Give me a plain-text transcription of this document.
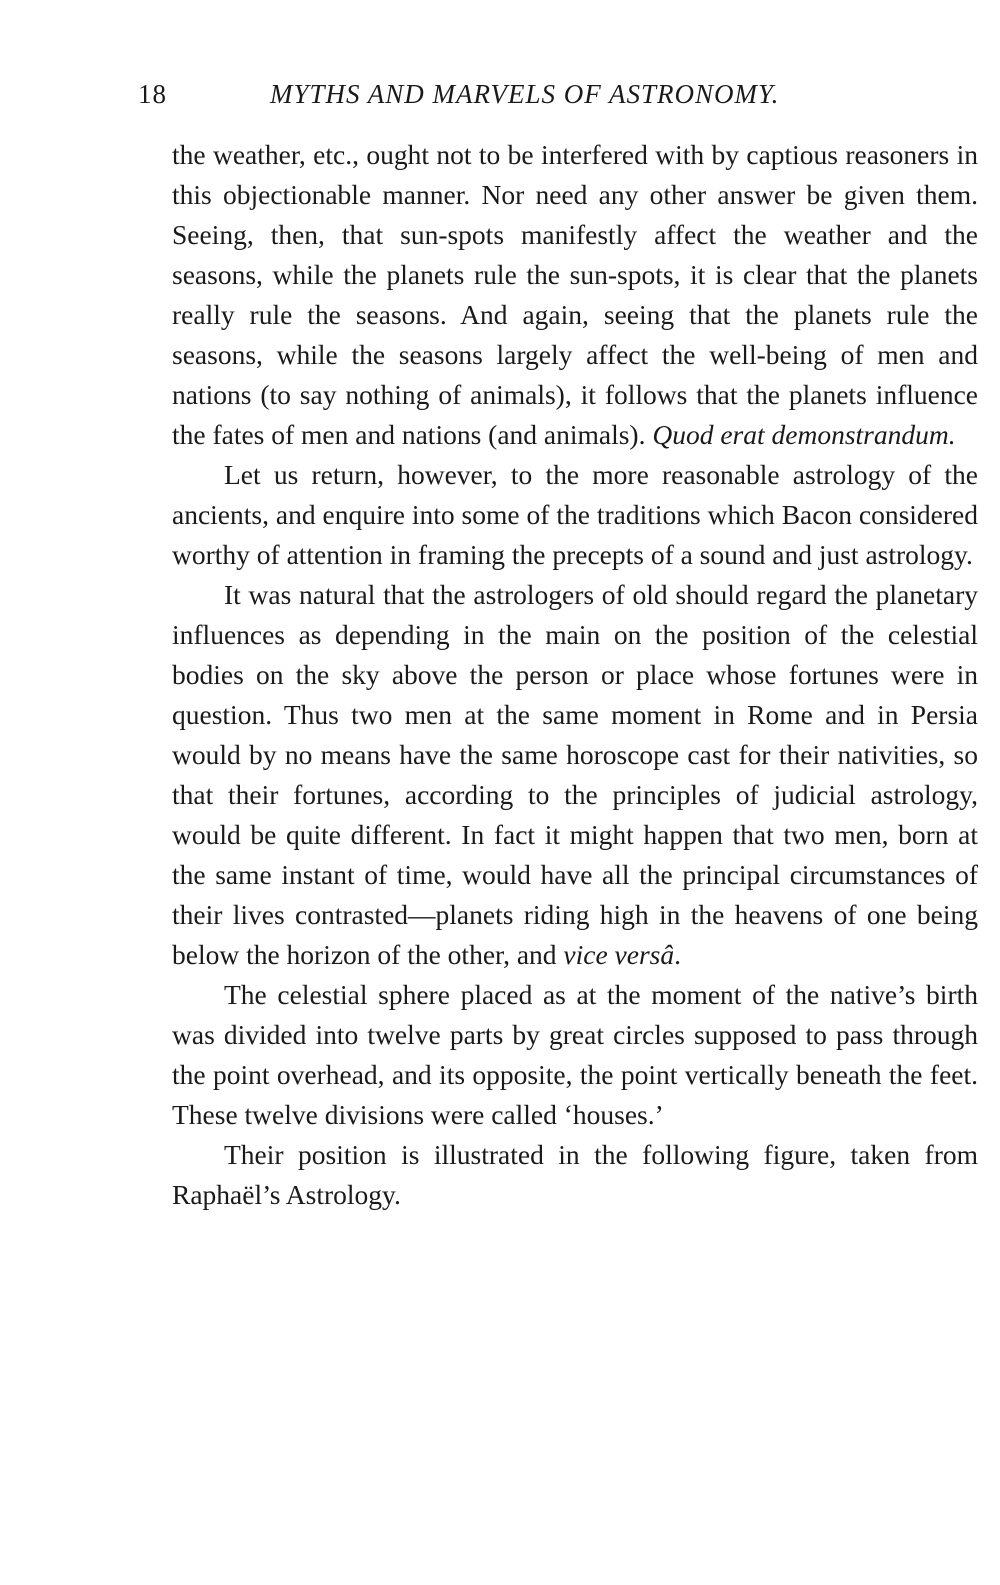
18	MYTHS AND MARVELS OF ASTRONOMY.

the weather, etc., ought not to be interfered with by captious reasoners in this objectionable manner. Nor need any other answer be given them. Seeing, then, that sun-spots manifestly affect the weather and the seasons, while the planets rule the sun-spots, it is clear that the planets really rule the seasons. And again, seeing that the planets rule the seasons, while the seasons largely affect the well-being of men and nations (to say nothing of animals), it follows that the planets influence the fates of men and nations (and animals). Quod erat demonstrandum.

Let us return, however, to the more reasonable astrology of the ancients, and enquire into some of the traditions which Bacon considered worthy of attention in framing the precepts of a sound and just astrology.

It was natural that the astrologers of old should regard the planetary influences as depending in the main on the position of the celestial bodies on the sky above the person or place whose fortunes were in question. Thus two men at the same moment in Rome and in Persia would by no means have the same horoscope cast for their nativities, so that their fortunes, according to the principles of judicial astrology, would be quite different. In fact it might happen that two men, born at the same instant of time, would have all the principal circumstances of their lives contrasted—planets riding high in the heavens of one being below the horizon of the other, and vice versâ.

The celestial sphere placed as at the moment of the native’s birth was divided into twelve parts by great circles supposed to pass through the point overhead, and its opposite, the point vertically beneath the feet. These twelve divisions were called ‘houses.’

Their position is illustrated in the following figure, taken from Raphaël’s Astrology.
